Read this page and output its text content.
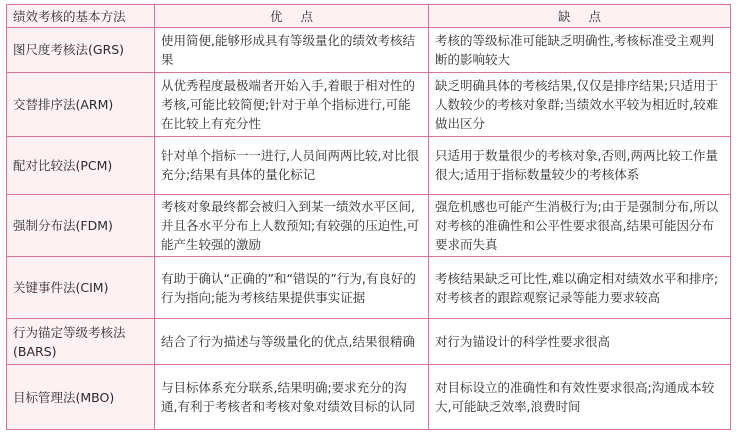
绩效考核的基本方法	优点	缺点
图尺度考核法(GRS)	使用简便,能够形成具有等级量化的绩效考核结果	考核的等级标准可能缺乏明确性,考核标准受主观判断的影响较大
交替排序法(ARM)	从优秀程度最极端者开始入手,着眼于相对性的考核,可能比较简便;针对于单个指标进行,可能在比较上有充分性	缺乏明确具体的考核结果,仅仅是排序结果;只适用于人数较少的考核对象群;当绩效水平较为相近时,较难做出区分
配对比较法(PCM)	针对单个指标一一进行,人员间两两比较,对比很充分;结果有具体的量化标记	只适用于数量很少的考核对象,否则,两两比较工作量很大;适用于指标数量较少的考核体系
强制分布法(FDM)	考核对象最终都会被归入到某一绩效水平区间,并且各水平分布上人数预知;有较强的压迫性,可能产生较强的激励	强危机感也可能产生消极行为;由于是强制分布,所以对考核的准确性和公平性要求很高,结果可能因分布要求而失真
关键事件法(CIM)	有助于确认“正确的”和“错误的”行为,有良好的行为指向;能为考核结果提供事实证据	考核结果缺乏可比性,难以确定相对绩效水平和排序;对考核者的跟踪观察记录等能力要求较高
行为锚定等级考核法(BARS)	结合了行为描述与等级量化的优点,结果很精确	对行为锚设计的科学性要求很高
目标管理法(MBO)	与目标体系充分联系,结果明确;要求充分的沟通,有利于考核者和考核对象对绩效目标的认同	对目标设立的准确性和有效性要求很高;沟通成本较大,可能缺乏效率,浪费时间
